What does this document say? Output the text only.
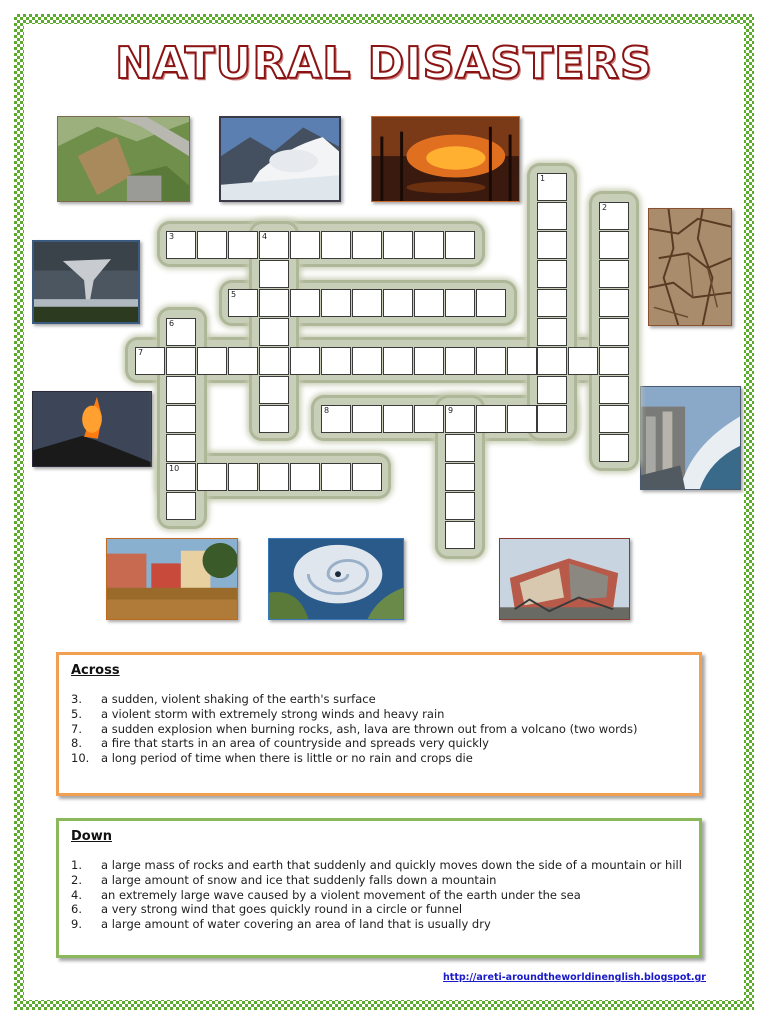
NATURAL DISASTERS
3	4
1
2
5
6
7
8	9
10
Across
3.	a sudden, violent shaking of the earth's surface
5.	a violent storm with extremely strong winds and heavy rain
7.	a sudden explosion when burning rocks, ash, lava are thrown out from a volcano (two words)
8.	a fire that starts in an area of countryside and spreads very quickly
10.	a long period of time when there is little or no rain and crops die
Down
1.	a large mass of rocks and earth that suddenly and quickly moves down the side of a mountain or hill
2.	a large amount of snow and ice that suddenly falls down a mountain
4.	an extremely large wave caused by a violent movement of the earth under the sea
6.	a very strong wind that goes quickly round in a circle or funnel
9.	a large amount of water covering an area of land that is usually dry
http://areti-aroundtheworldinenglish.blogspot.gr
